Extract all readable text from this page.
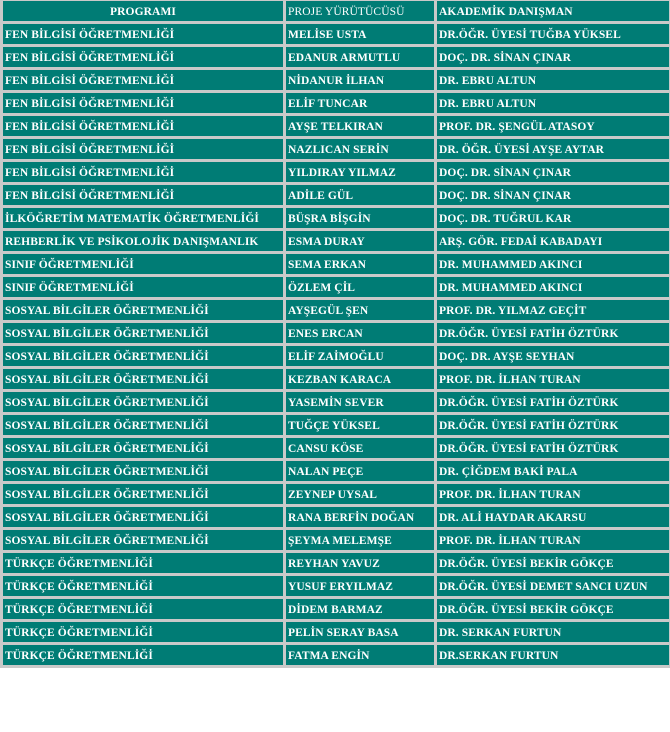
PROGRAMI	PROJE YÜRÜTÜCÜSÜ	AKADEMİK DANIŞMAN
FEN BİLGİSİ ÖĞRETMENLİĞİ	MELİSE USTA	DR.ÖĞR. ÜYESİ TUĞBA YÜKSEL
FEN BİLGİSİ ÖĞRETMENLİĞİ	EDANUR ARMUTLU	DOÇ. DR. SİNAN ÇINAR
FEN BİLGİSİ ÖĞRETMENLİĞİ	NİDANUR İLHAN	DR. EBRU ALTUN
FEN BİLGİSİ ÖĞRETMENLİĞİ	ELİF TUNCAR	DR. EBRU ALTUN
FEN BİLGİSİ ÖĞRETMENLİĞİ	AYŞE TELKIRAN	PROF. DR. ŞENGÜL ATASOY
FEN BİLGİSİ ÖĞRETMENLİĞİ	NAZLICAN SERİN	DR. ÖĞR. ÜYESİ AYŞE AYTAR
FEN BİLGİSİ ÖĞRETMENLİĞİ	YILDIRAY YILMAZ	DOÇ. DR. SİNAN ÇINAR
FEN BİLGİSİ ÖĞRETMENLİĞİ	ADİLE GÜL	DOÇ. DR. SİNAN ÇINAR
İLKÖĞRETİM MATEMATİK ÖĞRETMENLİĞİ	BÜŞRA BİŞGİN	DOÇ. DR. TUĞRUL KAR
REHBERLİK VE PSİKOLOJİK DANIŞMANLIK	ESMA DURAY	ARŞ. GÖR. FEDAİ KABADAYI
SINIF ÖĞRETMENLİĞİ	SEMA ERKAN	DR. MUHAMMED AKINCI
SINIF ÖĞRETMENLİĞİ	ÖZLEM ÇİL	DR. MUHAMMED AKINCI
SOSYAL BİLGİLER ÖĞRETMENLİĞİ	AYŞEGÜL ŞEN	PROF. DR. YILMAZ GEÇİT
SOSYAL BİLGİLER ÖĞRETMENLİĞİ	ENES ERCAN	DR.ÖĞR. ÜYESİ FATİH ÖZTÜRK
SOSYAL BİLGİLER ÖĞRETMENLİĞİ	ELİF ZAİMOĞLU	DOÇ. DR. AYŞE SEYHAN
SOSYAL BİLGİLER ÖĞRETMENLİĞİ	KEZBAN KARACA	PROF. DR. İLHAN TURAN
SOSYAL BİLGİLER ÖĞRETMENLİĞİ	YASEMİN SEVER	DR.ÖĞR. ÜYESİ FATİH ÖZTÜRK
SOSYAL BİLGİLER ÖĞRETMENLİĞİ	TUĞÇE YÜKSEL	DR.ÖĞR. ÜYESİ FATİH ÖZTÜRK
SOSYAL BİLGİLER ÖĞRETMENLİĞİ	CANSU KÖSE	DR.ÖĞR. ÜYESİ FATİH ÖZTÜRK
SOSYAL BİLGİLER ÖĞRETMENLİĞİ	NALAN PEÇE	DR. ÇİĞDEM BAKİ PALA
SOSYAL BİLGİLER ÖĞRETMENLİĞİ	ZEYNEP UYSAL	PROF. DR. İLHAN TURAN
SOSYAL BİLGİLER ÖĞRETMENLİĞİ	RANA BERFİN DOĞAN	DR. ALİ HAYDAR AKARSU
SOSYAL BİLGİLER ÖĞRETMENLİĞİ	ŞEYMA MELEMŞE	PROF. DR. İLHAN TURAN
TÜRKÇE ÖĞRETMENLİĞİ	REYHAN YAVUZ	DR.ÖĞR. ÜYESİ BEKİR GÖKÇE
TÜRKÇE ÖĞRETMENLİĞİ	YUSUF ERYILMAZ	DR.ÖĞR. ÜYESİ DEMET SANCI UZUN
TÜRKÇE ÖĞRETMENLİĞİ	DİDEM BARMAZ	DR.ÖĞR. ÜYESİ BEKİR GÖKÇE
TÜRKÇE ÖĞRETMENLİĞİ	PELİN SERAY BASA	DR. SERKAN FURTUN
TÜRKÇE ÖĞRETMENLİĞİ	FATMA ENGİN	DR.SERKAN FURTUN
